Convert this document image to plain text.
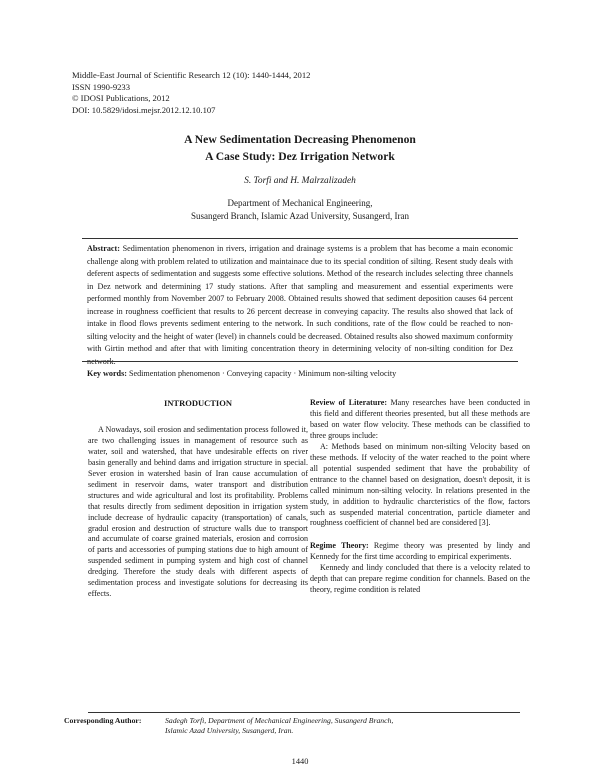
Middle-East Journal of Scientific Research 12 (10): 1440-1444, 2012
ISSN 1990-9233
© IDOSI Publications, 2012
DOI: 10.5829/idosi.mejsr.2012.12.10.107
A New Sedimentation Decreasing Phenomenon
A Case Study: Dez Irrigation Network
S. Torfi and H. Malrzalizadeh
Department of Mechanical Engineering,
Susangerd Branch, Islamic Azad University, Susangerd, Iran

Abstract: Sedimentation phenomenon in rivers, irrigation and drainage systems is a problem that has become a main economic challenge along with problem related to utilization and maintainace due to its special condition of silting. Resent study deals with deferent aspects of sedimentation and suggests some effective solutions. Method of the research includes selecting three channels in Dez network and determining 17 study stations. After that sampling and measurement and essential experiments were performed monthly from November 2007 to February 2008. Obtained results showed that sediment deposition causes 64 percent increase in roughness coefficient that results to 26 percent decrease in conveying capacity. The results also showed that lack of intake in flood flows prevents sediment entering to the network. In such conditions, rate of the flow could be reached to non-silting velocity and the height of water (level) in channels could be decreased. Obtained results also showed maximum conformity with Girtin method and after that with limiting concentration theory in determining velocity of non-silting condition for Dez network.

Key words: Sedimentation phenomenon · Conveying capacity · Minimum non-silting velocity

INTRODUCTION

A Nowadays, soil erosion and sedimentation process followed it, are two challenging issues in management of resource such as water, soil and watershed, that have undesirable effects on river basin generally and behind dams and irrigation structure in special. Sever erosion in watershed basin of Iran cause accumulation of sediment in reservoir dams, water transport and distribution structures and wide agricultural and lost its profitability. Problems that results directly from sediment deposition in irrigation system include decrease of hydraulic capacity (transportation) of canals, gradul erosion and destruction of structure walls due to transport and accumulate of coarse grained materials, erosion and corrosion of parts and accessories of pumping stations due to high amount of suspended sediment in pumping system and high cost of channel dredging. Therefore the study deals with different aspects of sedimentation process and investigate solutions for decreasing its effects.

Review of Literature: Many researches have been conducted in this field and different theories presented, but all these methods are based on water flow velocity. These methods can be classified to three groups include:

A: Methods based on minimum non-silting Velocity based on these methods. If velocity of the water reached to the point where all potential suspended sediment that have the probability of entrance to the channel based on designation, doesn't deposit, it is called minimum non-silting velocity. In relations presented in the study, in addition to hydraulic charcteristics of the flow, factors such as suspended material concentration, particle diameter and roughness coefficient of channel bed are considered [3].

Regime Theory: Regime theory was presented by lindy and Kennedy for the first time according to empirical experiments.

Kennedy and lindy concluded that there is a velocity related to depth that can prepare regime condition for channels. Based on the theory, regime condition is related

Corresponding Author:	Sadegh Torfi, Department of Mechanical Engineering, Susangerd Branch,
Islamic Azad University, Susangerd, Iran.
1440
